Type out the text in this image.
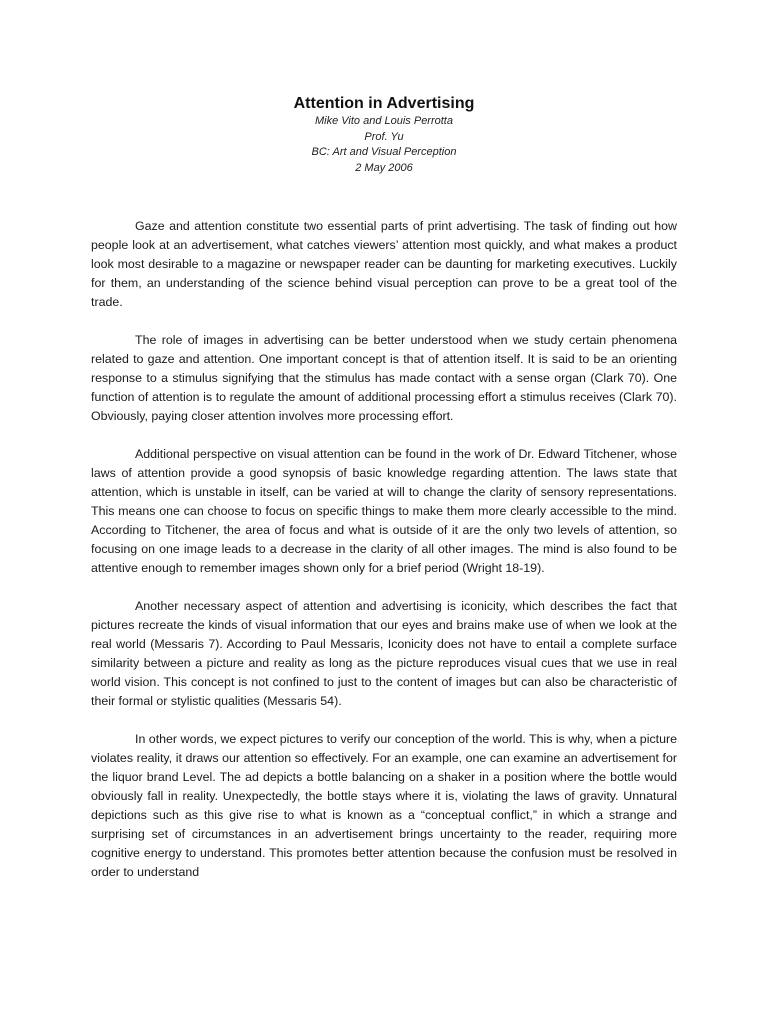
Attention in Advertising

Mike Vito and Louis Perrotta

Prof. Yu

BC: Art and Visual Perception

2 May 2006

Gaze and attention constitute two essential parts of print advertising. The task of finding out how people look at an advertisement, what catches viewers’ attention most quickly, and what makes a product look most desirable to a magazine or newspaper reader can be daunting for marketing executives. Luckily for them, an understanding of the science behind visual perception can prove to be a great tool of the trade.

The role of images in advertising can be better understood when we study certain phenomena related to gaze and attention. One important concept is that of attention itself. It is said to be an orienting response to a stimulus signifying that the stimulus has made contact with a sense organ (Clark 70). One function of attention is to regulate the amount of additional processing effort a stimulus receives (Clark 70). Obviously, paying closer attention involves more processing effort.

Additional perspective on visual attention can be found in the work of Dr. Edward Titchener, whose laws of attention provide a good synopsis of basic knowledge regarding attention. The laws state that attention, which is unstable in itself, can be varied at will to change the clarity of sensory representations. This means one can choose to focus on specific things to make them more clearly accessible to the mind. According to Titchener, the area of focus and what is outside of it are the only two levels of attention, so focusing on one image leads to a decrease in the clarity of all other images. The mind is also found to be attentive enough to remember images shown only for a brief period (Wright 18-19).

Another necessary aspect of attention and advertising is iconicity, which describes the fact that pictures recreate the kinds of visual information that our eyes and brains make use of when we look at the real world (Messaris 7). According to Paul Messaris, Iconicity does not have to entail a complete surface similarity between a picture and reality as long as the picture reproduces visual cues that we use in real world vision. This concept is not confined to just to the content of images but can also be characteristic of their formal or stylistic qualities (Messaris 54).

In other words, we expect pictures to verify our conception of the world. This is why, when a picture violates reality, it draws our attention so effectively. For an example, one can examine an advertisement for the liquor brand Level. The ad depicts a bottle balancing on a shaker in a position where the bottle would obviously fall in reality. Unexpectedly, the bottle stays where it is, violating the laws of gravity. Unnatural depictions such as this give rise to what is known as a “conceptual conflict,” in which a strange and surprising set of circumstances in an advertisement brings uncertainty to the reader, requiring more cognitive energy to understand. This promotes better attention because the confusion must be resolved in order to understand
